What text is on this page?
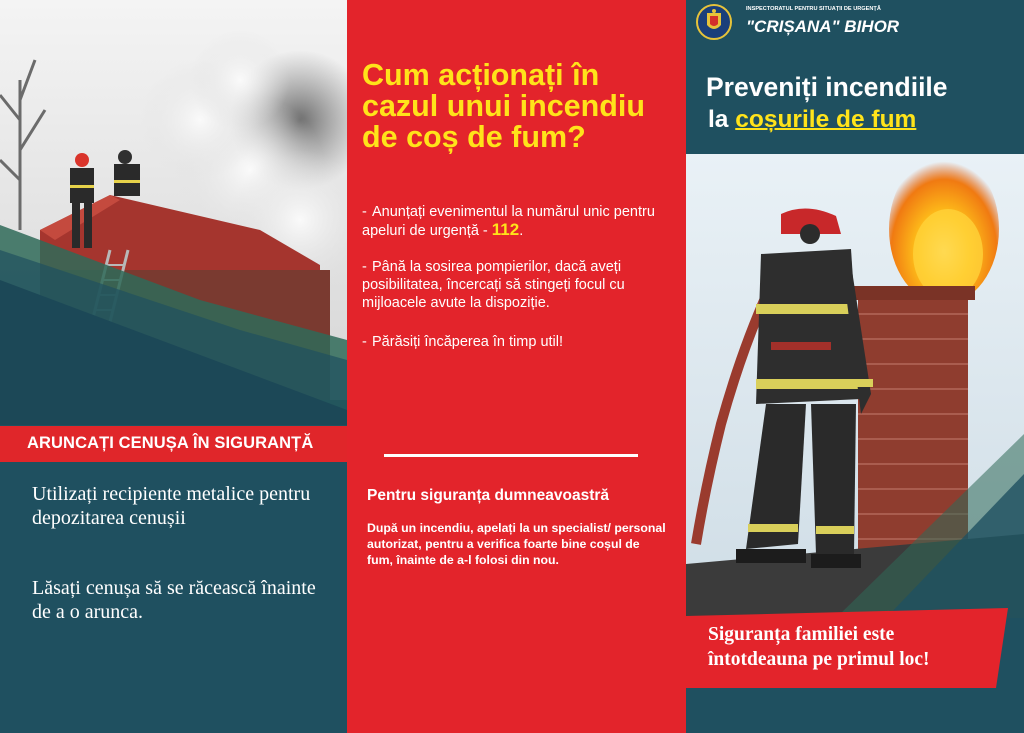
ARUNCAȚI CENUȘA ÎN SIGURANȚĂ

Utilizați recipiente metalice pentru depozitarea cenușii

Lăsați cenușa să se răcească înainte de a o arunca.

Cum acționați în cazul unui incendiu de coș de fum?
- Anunțați evenimentul la numărul unic pentru apeluri de urgență - 112.
- Până la sosirea pompierilor, dacă aveți posibilitatea, încercați să stingeți focul cu mijloacele avute la dispoziție.
- Părăsiți încăperea în timp util!
Pentru siguranța dumneavoastră

După un incendiu, apelați la un specialist/ personal autorizat, pentru a verifica foarte bine coșul de fum, înainte de a-l folosi din nou.

INSPECTORATUL PENTRU SITUAȚII DE URGENȚĂ
"CRIȘANA" BIHOR
Preveniți incendiile
la coșurile de fum
Siguranța familiei este
întotdeauna pe primul loc!
